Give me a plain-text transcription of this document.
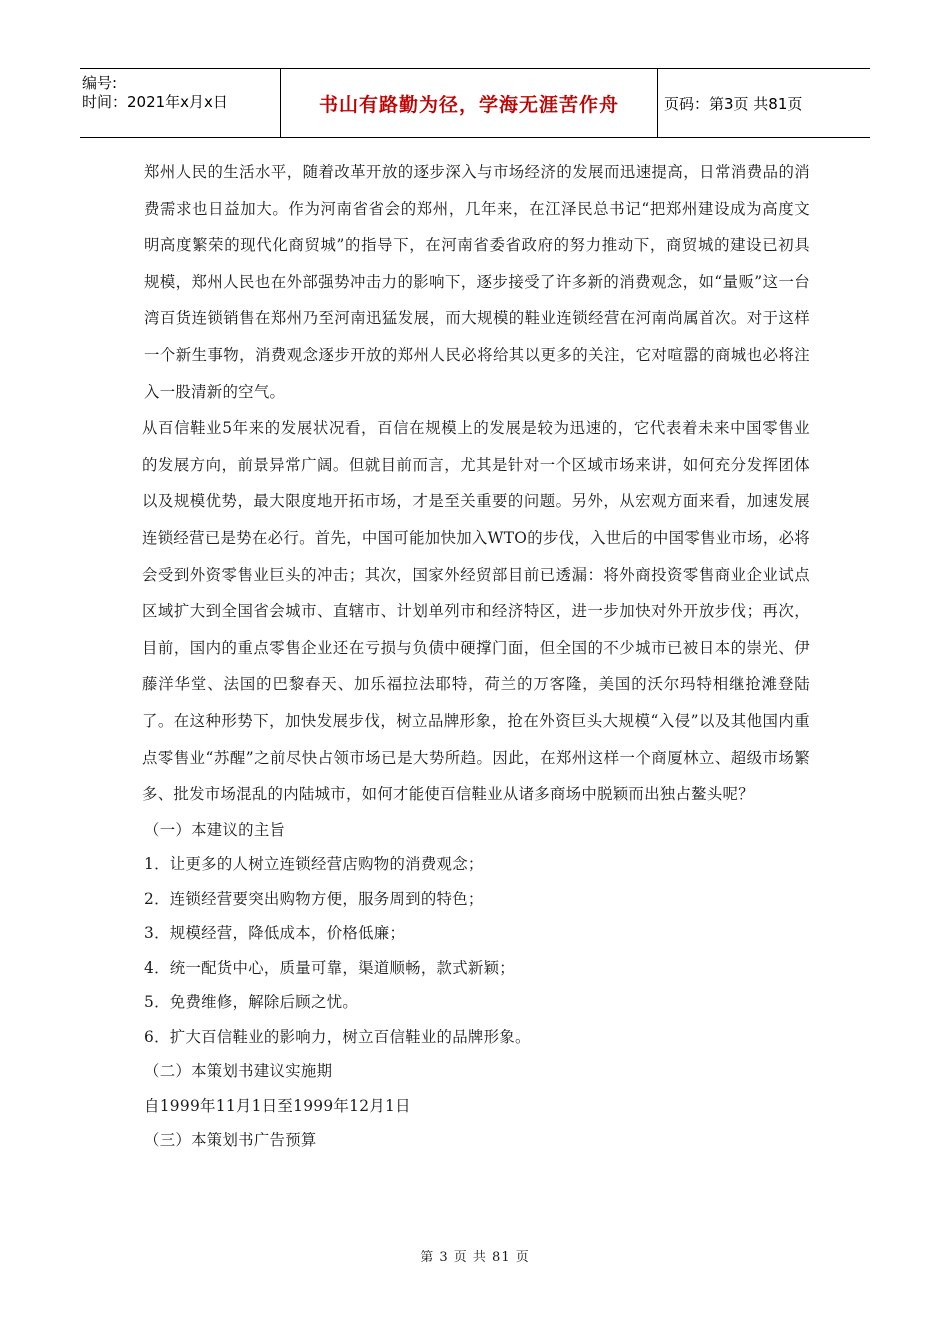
编号:
时间：2021年x月x日	书山有路勤为径，学海无涯苦作舟	页码：第3页 共81页

郑州人民的生活水平，随着改革开放的逐步深入与市场经济的发展而迅速提高，日常消费品的消费需求也日益加大。作为河南省省会的郑州，几年来，在江泽民总书记“把郑州建设成为高度文明高度繁荣的现代化商贸城”的指导下，在河南省委省政府的努力推动下，商贸城的建设已初具规模，郑州人民也在外部强势冲击力的影响下，逐步接受了许多新的消费观念，如“量贩”这一台湾百货连锁销售在郑州乃至河南迅猛发展，而大规模的鞋业连锁经营在河南尚属首次。对于这样一个新生事物，消费观念逐步开放的郑州人民必将给其以更多的关注，它对喧嚣的商城也必将注入一股清新的空气。

从百信鞋业5年来的发展状况看，百信在规模上的发展是较为迅速的，它代表着未来中国零售业的发展方向，前景异常广阔。但就目前而言，尤其是针对一个区域市场来讲，如何充分发挥团体以及规模优势，最大限度地开拓市场，才是至关重要的问题。另外，从宏观方面来看，加速发展连锁经营已是势在必行。首先，中国可能加快加入WTO的步伐，入世后的中国零售业市场，必将会受到外资零售业巨头的冲击；其次，国家外经贸部目前已透漏：将外商投资零售商业企业试点区域扩大到全国省会城市、直辖市、计划单列市和经济特区，进一步加快对外开放步伐；再次，目前，国内的重点零售企业还在亏损与负债中硬撑门面，但全国的不少城市已被日本的崇光、伊藤洋华堂、法国的巴黎春天、加乐福拉法耶特，荷兰的万客隆，美国的沃尔玛特相继抢滩登陆了。在这种形势下，加快发展步伐，树立品牌形象，抢在外资巨头大规模“入侵”以及其他国内重点零售业“苏醒”之前尽快占领市场已是大势所趋。因此，在郑州这样一个商厦林立、超级市场繁多、批发市场混乱的内陆城市，如何才能使百信鞋业从诸多商场中脱颖而出独占鳌头呢？

（一）本建议的主旨

1．让更多的人树立连锁经营店购物的消费观念；

2．连锁经营要突出购物方便，服务周到的特色；

3．规模经营，降低成本，价格低廉；

4．统一配货中心，质量可靠，渠道顺畅，款式新颖；

5．免费维修，解除后顾之忧。

6．扩大百信鞋业的影响力，树立百信鞋业的品牌形象。

（二）本策划书建议实施期

自1999年11月1日至1999年12月1日

（三）本策划书广告预算

第 3 页 共 81 页
